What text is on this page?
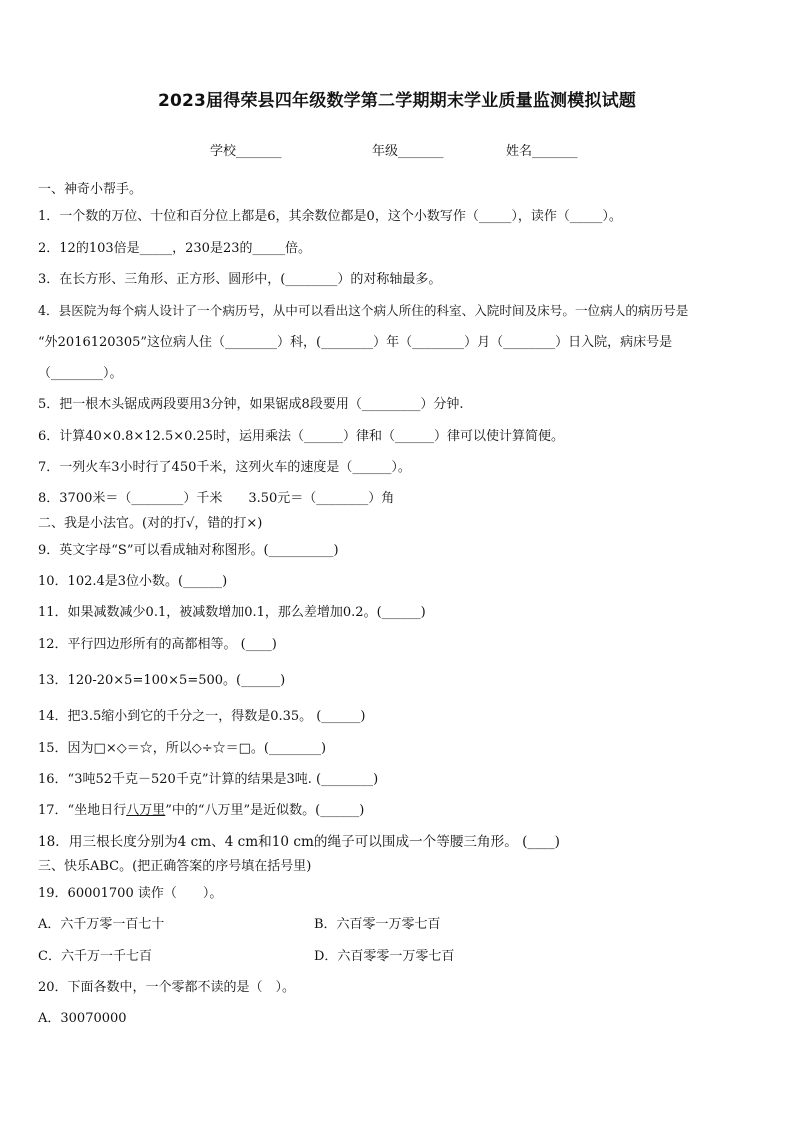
2023届得荣县四年级数学第二学期期末学业质量监测模拟试题
学校_______	年级_______	姓名_______
一、神奇小帮手。
1．一个数的万位、十位和百分位上都是6，其余数位都是0，这个小数写作（_____），读作（_____）。
2．12的103倍是_____，230是23的_____倍。
3．在长方形、三角形、正方形、圆形中，(________）的对称轴最多。
4．县医院为每个病人设计了一个病历号，从中可以看出这个病人所住的科室、入院时间及床号。一位病人的病历号是
“外2016120305”这位病人住（________）科，(________）年（________）月（________）日入院，病床号是
（________）。
5．把一根木头锯成两段要用3分钟，如果锯成8段要用（_________）分钟.
6．计算40×0.8×12.5×0.25时，运用乘法（______）律和（______）律可以使计算简便。
7．一列火车3小时行了450千米，这列火车的速度是（______）。
8．3700米＝（________）千米　　3.50元＝（________）角
二、我是小法官。(对的打√，错的打×)
9．英文字母“S”可以看成轴对称图形。(__________)
10．102.4是3位小数。(______)
11．如果减数减少0.1，被减数增加0.1，那么差增加0.2。(______)
12．平行四边形所有的高都相等。 (____)
13．120-20×5=100×5=500。(______)
14．把3.5缩小到它的千分之一，得数是0.35。 (______)
15．因为□×◇＝☆，所以◇÷☆＝□。(________)
16．“3吨52千克－520千克”计算的结果是3吨. (________)
17．“坐地日行八万里”中的“八万里”是近似数。(______)
18．用三根长度分别为4 cm、4 cm和10 cm的绳子可以围成一个等腰三角形。 (____)
三、快乐ABC。(把正确答案的序号填在括号里)
19．60001700 读作（　　）。
A．六千万零一百七十	B．六百零一万零七百
C．六千万一千七百	D．六百零零一万零七百
20．下面各数中，一个零都不读的是（　）。
A．30070000
